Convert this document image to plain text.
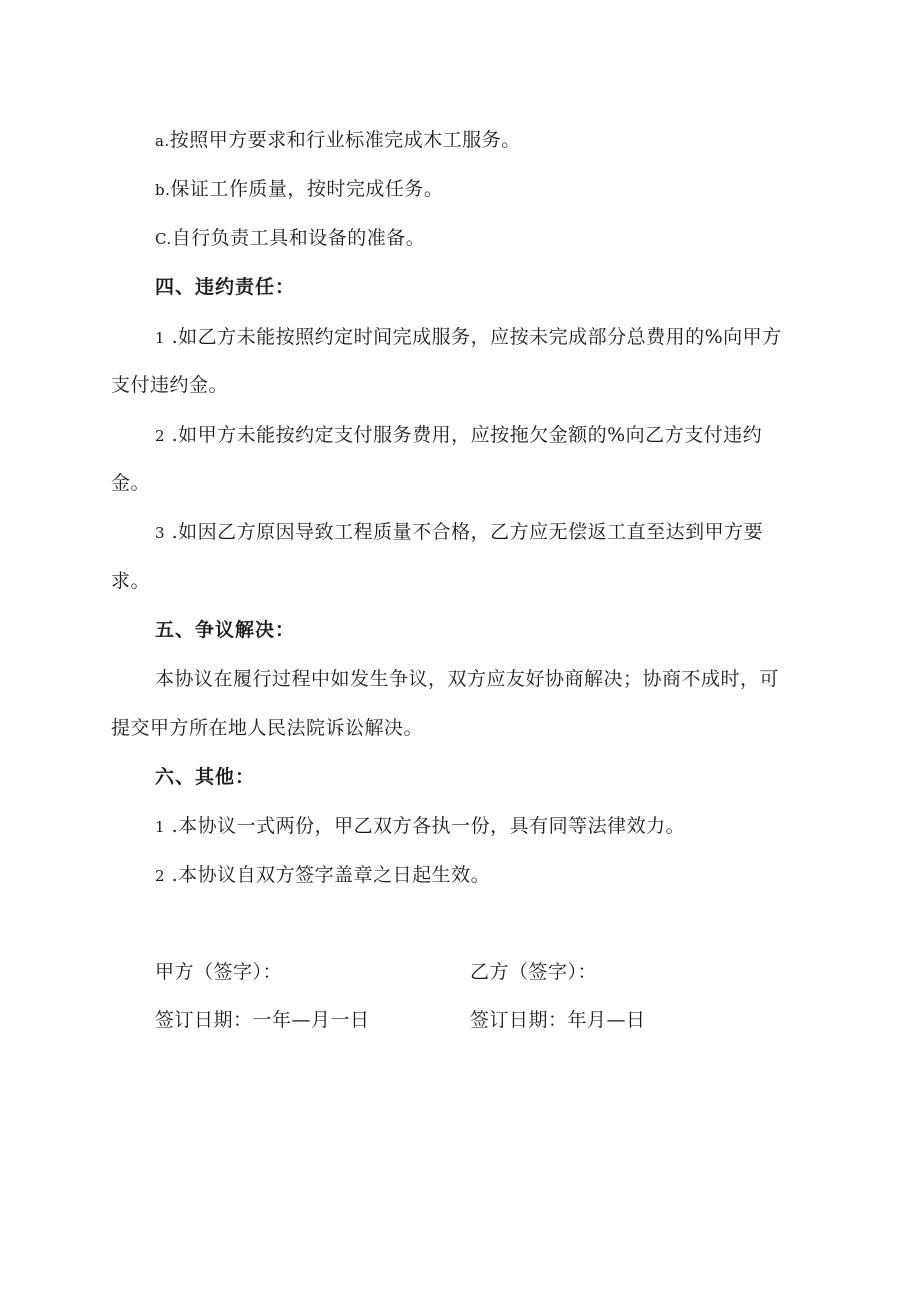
a.按照甲方要求和行业标准完成木工服务。
b.保证工作质量，按时完成任务。
C.自行负责工具和设备的准备。
四、违约责任：
1 .如乙方未能按照约定时间完成服务，应按未完成部分总费用的%向甲方
支付违约金。
2 .如甲方未能按约定支付服务费用，应按拖欠金额的%向乙方支付违约
金。
3 .如因乙方原因导致工程质量不合格，乙方应无偿返工直至达到甲方要
求。
五、争议解决：
本协议在履行过程中如发生争议，双方应友好协商解决；协商不成时，可
提交甲方所在地人民法院诉讼解决。
六、其他：
1 .本协议一式两份，甲乙双方各执一份，具有同等法律效力。
2 .本协议自双方签字盖章之日起生效。
甲方（签字）：	乙方（签字）：
签订日期：一年—月一日	签订日期：年月—日
